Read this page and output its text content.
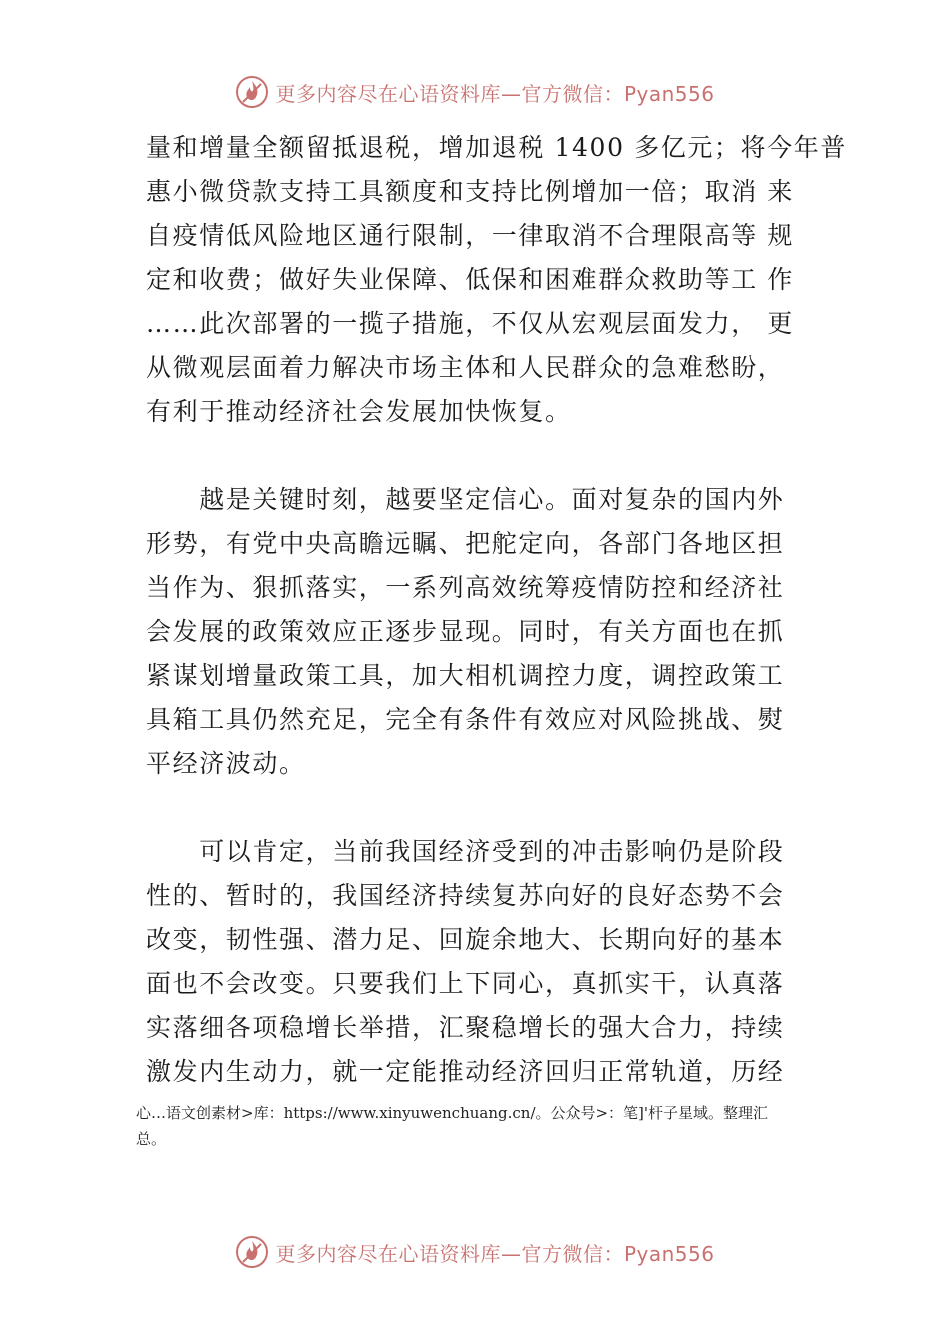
更多内容尽在心语资料库—官方微信：Pyan556
量和增量全额留抵退税，增加退税 1400 多亿元；将今年普
惠小微贷款支持工具额度和支持比例增加一倍；取消 来
自疫情低风险地区通行限制，一律取消不合理限高等 规
定和收费；做好失业保障、低保和困难群众救助等工 作
……此次部署的一揽子措施，不仅从宏观层面发力， 更
从微观层面着力解决市场主体和人民群众的急难愁盼，
有利于推动经济社会发展加快恢复。
　　越是关键时刻，越要坚定信心。面对复杂的国内外
形势，有党中央高瞻远瞩、把舵定向，各部门各地区担
当作为、狠抓落实，一系列高效统筹疫情防控和经济社
会发展的政策效应正逐步显现。同时，有关方面也在抓
紧谋划增量政策工具，加大相机调控力度，调控政策工
具箱工具仍然充足，完全有条件有效应对风险挑战、熨
平经济波动。
　　可以肯定，当前我国经济受到的冲击影响仍是阶段
性的、暂时的，我国经济持续复苏向好的良好态势不会
改变，韧性强、潜力足、回旋余地大、长期向好的基本
面也不会改变。只要我们上下同心，真抓实干，认真落
实落细各项稳增长举措，汇聚稳增长的强大合力，持续
激发内生动力，就一定能推动经济回归正常轨道，历经
心…语文创素材>库：https://www.xinyuwenchuang.cn/。公众号>：笔]'杆子星域。整理汇
总。
更多内容尽在心语资料库—官方微信：Pyan556
